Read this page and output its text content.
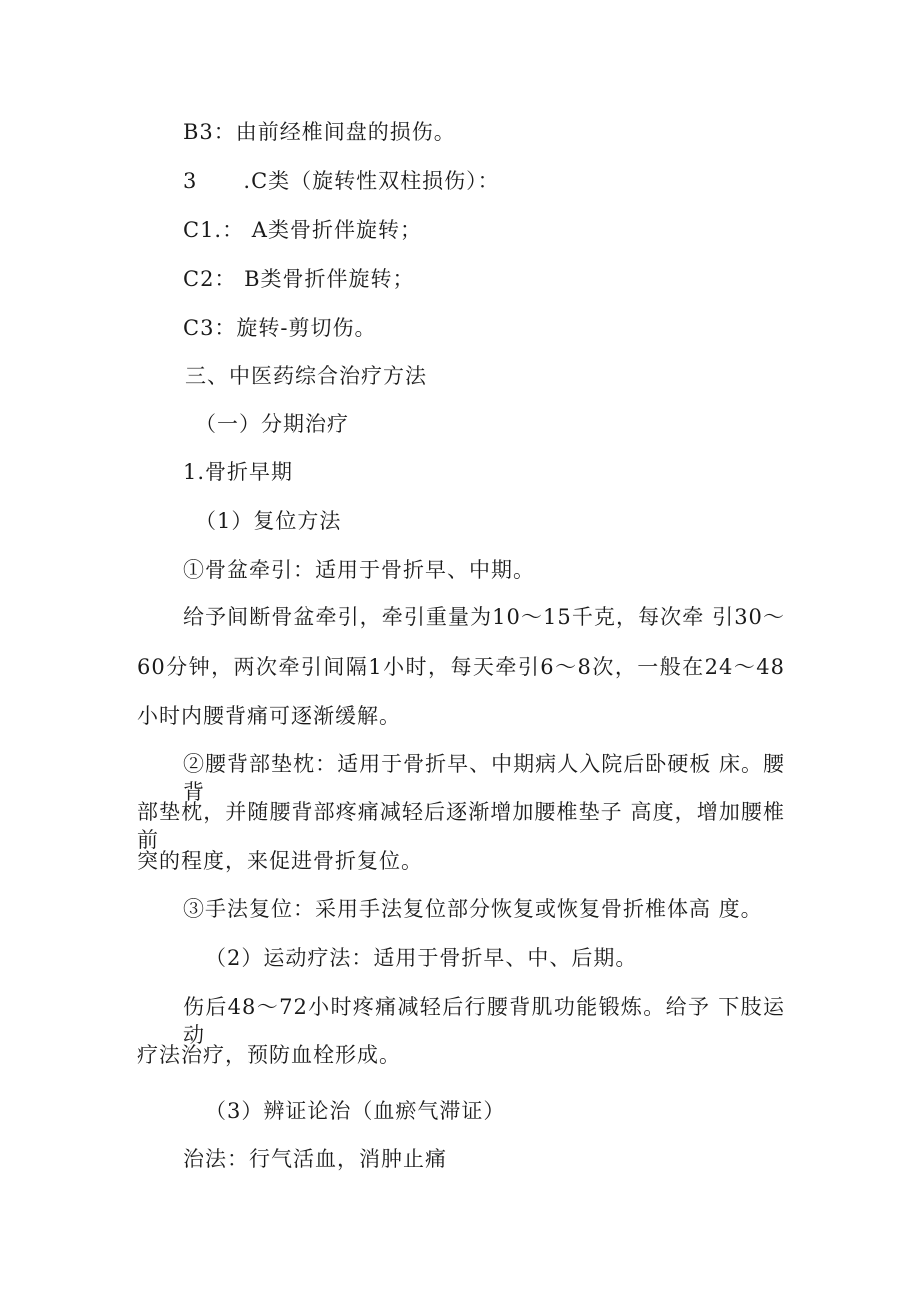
B3：由前经椎间盘的损伤。
3      .C类（旋转性双柱损伤）：
C1.： A类骨折伴旋转；
C2： B类骨折伴旋转；
C3：旋转-剪切伤。
三、中医药综合治疗方法
（一）分期治疗
1.骨折早期
（1）复位方法
①骨盆牵引：适用于骨折早、中期。
给予间断骨盆牵引，牵引重量为10～15千克，每次牵 引30～
60分钟，两次牵引间隔1小时，每天牵引6～8次，一般在24～48
小时内腰背痛可逐渐缓解。
②腰背部垫枕：适用于骨折早、中期病人入院后卧硬板 床。腰背
部垫枕，并随腰背部疼痛减轻后逐渐增加腰椎垫子 高度，增加腰椎前
突的程度，来促进骨折复位。
③手法复位：采用手法复位部分恢复或恢复骨折椎体高 度。
（2）运动疗法：适用于骨折早、中、后期。
伤后48～72小时疼痛减轻后行腰背肌功能锻炼。给予 下肢运动
疗法治疗，预防血栓形成。
（3）辨证论治（血瘀气滞证）
治法：行气活血，消肿止痛
